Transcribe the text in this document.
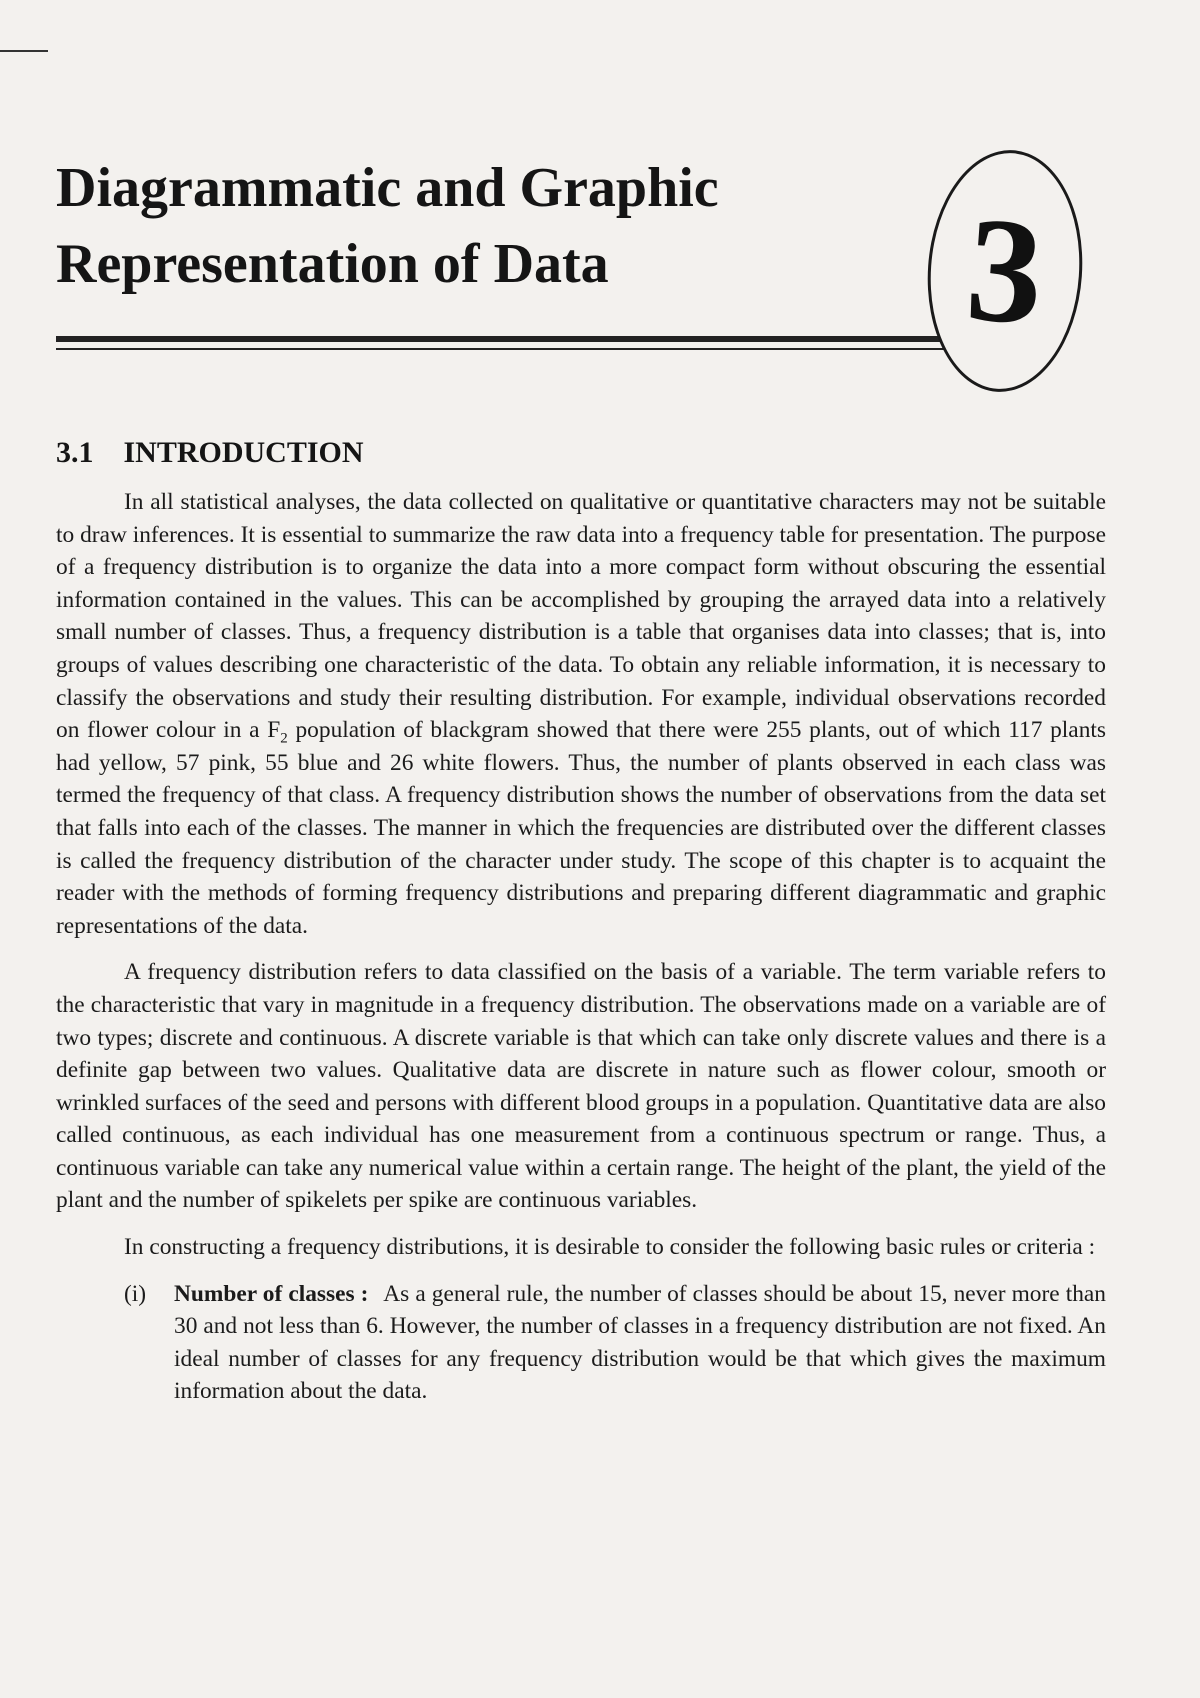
Diagrammatic and Graphic
Representation of Data	3
3.1 INTRODUCTION

In all statistical analyses, the data collected on qualitative or quantitative characters may not be suitable to draw inferences. It is essential to summarize the raw data into a frequency table for presentation. The purpose of a frequency distribution is to organize the data into a more compact form without obscuring the essential information contained in the values. This can be accomplished by grouping the arrayed data into a relatively small number of classes. Thus, a frequency distribution is a table that organises data into classes; that is, into groups of values describing one characteristic of the data. To obtain any reliable information, it is necessary to classify the observations and study their resulting distribution. For example, individual observations recorded on flower colour in a $F_2$ population of blackgram showed that there were 255 plants, out of which 117 plants had yellow, 57 pink, 55 blue and 26 white flowers. Thus, the number of plants observed in each class was termed the frequency of that class. A frequency distribution shows the number of observations from the data set that falls into each of the classes. The manner in which the frequencies are distributed over the different classes is called the frequency distribution of the character under study. The scope of this chapter is to acquaint the reader with the methods of forming frequency distributions and preparing different diagrammatic and graphic representations of the data.

A frequency distribution refers to data classified on the basis of a variable. The term variable refers to the characteristic that vary in magnitude in a frequency distribution. The observations made on a variable are of two types; discrete and continuous. A discrete variable is that which can take only discrete values and there is a definite gap between two values. Qualitative data are discrete in nature such as flower colour, smooth or wrinkled surfaces of the seed and persons with different blood groups in a population. Quantitative data are also called continuous, as each individual has one measurement from a continuous spectrum or range. Thus, a continuous variable can take any numerical value within a certain range. The height of the plant, the yield of the plant and the number of spikelets per spike are continuous variables.

In constructing a frequency distributions, it is desirable to consider the following basic rules or criteria :

(i)	Number of classes : As a general rule, the number of classes should be about 15, never more than 30 and not less than 6. However, the number of classes in a frequency distribution are not fixed. An ideal number of classes for any frequency distribution would be that which gives the maximum information about the data.
